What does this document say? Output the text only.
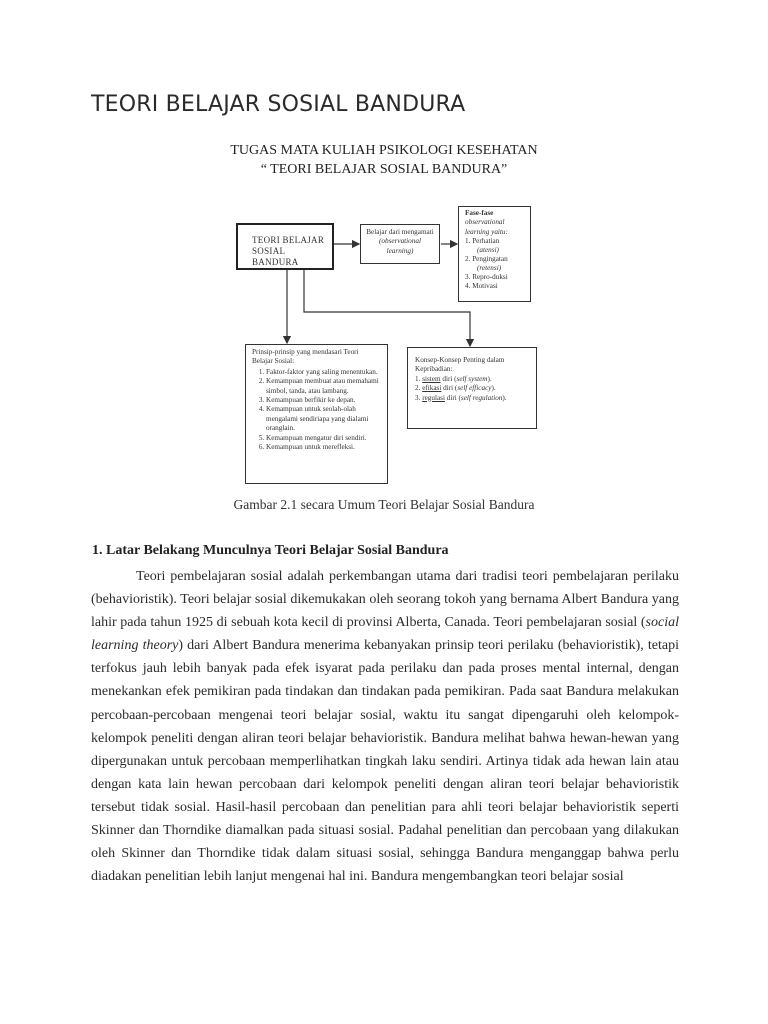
TEORI BELAJAR SOSIAL BANDURA
TUGAS MATA KULIAH PSIKOLOGI KESEHATAN
“ TEORI BELAJAR SOSIAL BANDURA”
TEORI BELAJAR
SOSIAL BANDURA
Belajar dari mengamati
(observational
learning)
Fase-fase
observational
learning yaitu:
1. Perhatian
(atensi)
2. Pengingatan
(retensi)
3. Repro-duksi
4. Motivasi
Prinsip-prinsip yang mendasari Teori
Belajar Sosial:
1. Faktor-faktor yang saling menentukan.
2. Kemampuan membuat atau memahami simbol, tanda, atau lambang.
3. Kemampuan berfikir ke depan.
4. Kemampuan untuk seolah-olah mengalami sendiriapa yang dialami oranglain.
5. Kemampuan mengatur diri sendiri.
6. Kemampuan untuk merefleksi.
Konsep-Konsep Penting dalam
Kepribadian:
1. sistem diri (self system).
2. efikasi diri (self efficacy).
3. regulasi diri (self regulation).
Gambar 2.1 secara Umum Teori Belajar Sosial Bandura
1. Latar Belakang Munculnya Teori Belajar Sosial Bandura

Teori pembelajaran sosial adalah perkembangan utama dari tradisi teori pembelajaran perilaku (behavioristik). Teori belajar sosial dikemukakan oleh seorang tokoh yang bernama Albert Bandura yang lahir pada tahun 1925 di sebuah kota kecil di provinsi Alberta, Canada. Teori pembelajaran sosial (social learning theory) dari Albert Bandura menerima kebanyakan prinsip teori perilaku (behavioristik), tetapi terfokus jauh lebih banyak pada efek isyarat pada perilaku dan pada proses mental internal, dengan menekankan efek pemikiran pada tindakan dan tindakan pada pemikiran. Pada saat Bandura melakukan percobaan-percobaan mengenai teori belajar sosial, waktu itu sangat dipengaruhi oleh kelompok-kelompok peneliti dengan aliran teori belajar behavioristik. Bandura melihat bahwa hewan-hewan yang dipergunakan untuk percobaan memperlihatkan tingkah laku sendiri. Artinya tidak ada hewan lain atau dengan kata lain hewan percobaan dari kelompok peneliti dengan aliran teori belajar behavioristik tersebut tidak sosial. Hasil-hasil percobaan dan penelitian para ahli teori belajar behavioristik seperti Skinner dan Thorndike diamalkan pada situasi sosial. Padahal penelitian dan percobaan yang dilakukan oleh Skinner dan Thorndike tidak dalam situasi sosial, sehingga Bandura menganggap bahwa perlu diadakan penelitian lebih lanjut mengenai hal ini. Bandura mengembangkan teori belajar sosial
